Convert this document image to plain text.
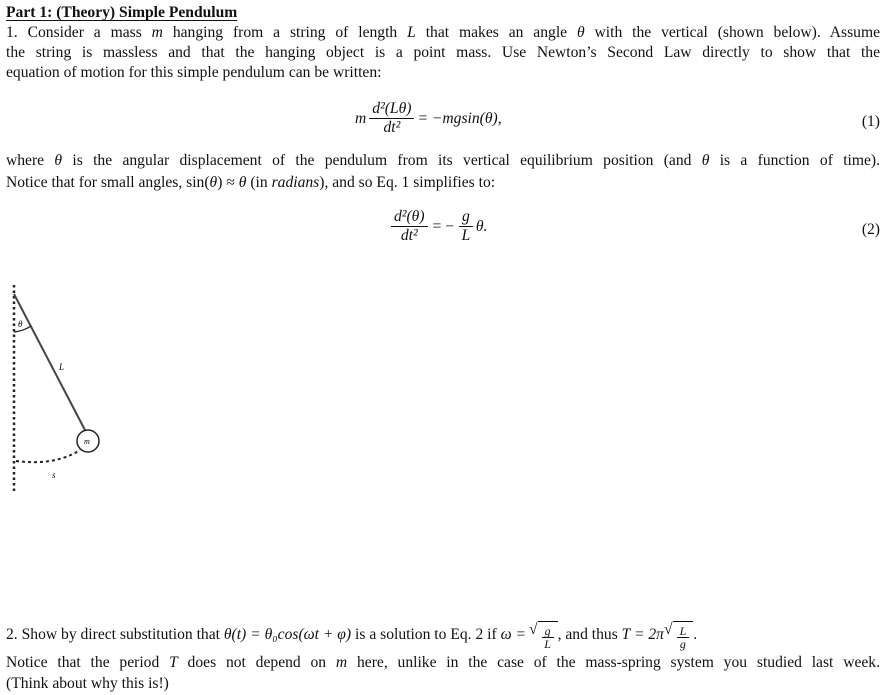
Part 1: (Theory) Simple Pendulum
1. Consider a mass m hanging from a string of length L that makes an angle θ with the vertical (shown below). Assume
the string is massless and that the hanging object is a point mass. Use Newton’s Second Law directly to show that the
equation of motion for this simple pendulum can be written:
m $\frac{\text{d²(Lθ)}}{\text{dt²}} = -mgsin(\theta)$,	(1)
where θ is the angular displacement of the pendulum from its vertical equilibrium position (and θ is a function of time).
Notice that for small angles, sin(θ) ≈ θ (in radians), and so Eq. 1 simplifies to:
$\frac{\text{d²(θ)}}{\text{dt²}}$ = − $\frac{g}{L} \theta$.	(2)
θ
L
m
s
2. Show by direct substitution that θ(t) = θ₀cos(ωt + φ) is a solution to Eq. 2 if ω = √ $\frac{g}{L}$ , and thus T = 2π √ $\frac{L}{g}$ .
Notice that the period T does not depend on m here, unlike in the case of the mass-spring system you studied last week.
(Think about why this is!)
